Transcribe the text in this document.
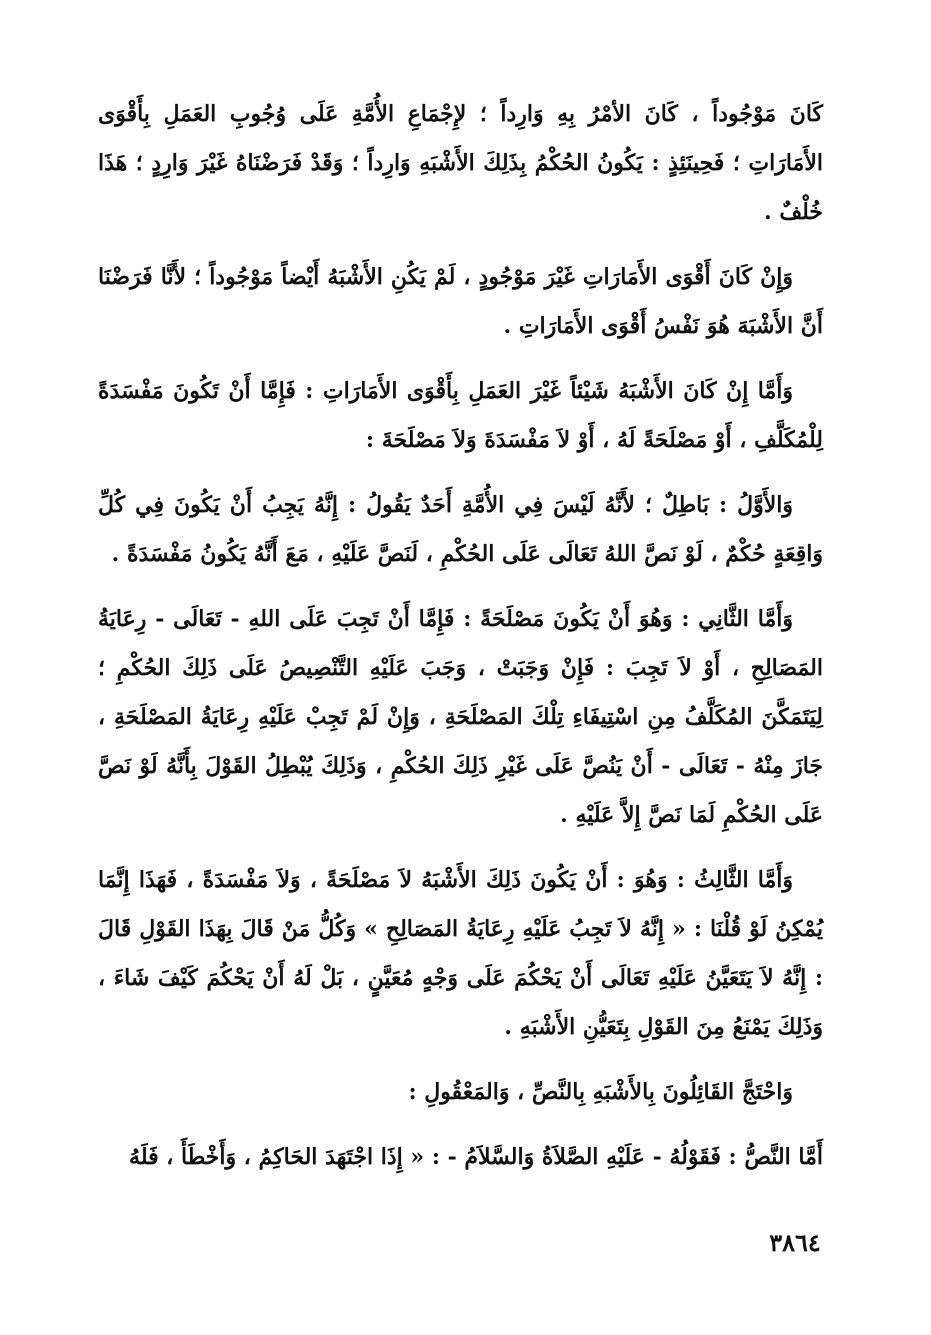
كَانَ مَوْجُوداً ، كَانَ الأمْرُ بِهِ وَارِداً ؛ لإِجْمَاعِ الأُمَّةِ عَلَى وُجُوبِ العَمَلِ بِأَقْوَى الأَمَارَاتِ ؛ فَحِينَئِذٍ : يَكُونُ الحُكْمُ بِذَلِكَ الأَشْبَهِ وَارِداً ؛ وَقَدْ فَرَضْنَاهُ غَيْرَ وَارِدٍ ؛ هَذَا خُلْفٌ .

وَإِنْ كَانَ أَقْوَى الأَمَارَاتِ غَيْرَ مَوْجُودٍ ، لَمْ يَكُنِ الأَشْبَهُ أَيْضاً مَوْجُوداً ؛ لأَنَّا فَرَضْنَا أَنَّ الأَشْبَهَ هُوَ نَفْسُ أَقْوَى الأَمَارَاتِ .

وَأَمَّا إِنْ كَانَ الأَشْبَهُ شَيْئاً غَيْرَ العَمَلِ بِأَقْوَى الأَمَارَاتِ : فَإِمَّا أَنْ تَكُونَ مَفْسَدَةً لِلْمُكَلَّفِ ، أَوْ مَصْلَحَةً لَهُ ، أَوْ لاَ مَفْسَدَةَ وَلاَ مَصْلَحَةَ :

وَالأَوَّلُ : بَاطِلٌ ؛ لأَنَّهُ لَيْسَ فِي الأُمَّةِ أَحَدٌ يَقُولُ : إِنَّهُ يَجِبُ أَنْ يَكُونَ فِي كُلِّ وَاقِعَةٍ حُكْمٌ ، لَوْ نَصَّ اللهُ تَعَالَى عَلَى الحُكْمِ ، لَنَصَّ عَلَيْهِ ، مَعَ أَنَّهُ يَكُونُ مَفْسَدَةً .

وَأَمَّا الثَّانِي : وَهُوَ أَنْ يَكُونَ مَصْلَحَةً : فَإِمَّا أَنْ تَجِبَ عَلَى اللهِ - تَعَالَى - رِعَايَةُ المَصَالِحِ ، أَوْ لاَ تَجِبَ : فَإِنْ وَجَبَتْ ، وَجَبَ عَلَيْهِ التَّنْصِيصُ عَلَى ذَلِكَ الحُكْمِ ؛ لِيَتَمَكَّنَ المُكَلَّفُ مِنِ اسْتِيفَاءِ تِلْكَ المَصْلَحَةِ ، وَإِنْ لَمْ تَجِبْ عَلَيْهِ رِعَايَةُ المَصْلَحَةِ ، جَازَ مِنْهُ - تَعَالَى - أَنْ يَنُصَّ عَلَى غَيْرِ ذَلِكَ الحُكْمِ ، وَذَلِكَ يُبْطِلُ القَوْلَ بِأَنَّهُ لَوْ نَصَّ عَلَى الحُكْمِ لَمَا نَصَّ إِلاَّ عَلَيْهِ .

وَأَمَّا الثَّالِثُ : وَهُوَ : أَنْ يَكُونَ ذَلِكَ الأَشْبَهُ لاَ مَصْلَحَةً ، وَلاَ مَفْسَدَةً ، فَهَذَا إِنَّمَا يُمْكِنُ لَوْ قُلْنَا : « إِنَّهُ لاَ تَجِبُ عَلَيْهِ رِعَايَةُ المَصَالِحِ » وَكُلُّ مَنْ قَالَ بِهَذَا القَوْلِ قَالَ : إِنَّهُ لاَ يَتَعَيَّنُ عَلَيْهِ تَعَالَى أَنْ يَحْكُمَ عَلَى وَجْهٍ مُعَيَّنٍ ، بَلْ لَهُ أَنْ يَحْكُمَ كَيْفَ شَاءَ ، وَذَلِكَ يَمْنَعُ مِنَ القَوْلِ بِتَعَيُّنِ الأَشْبَهِ .

وَاحْتَجَّ القَائِلُونَ بِالأَشْبَهِ بِالنَّصِّ ، وَالمَعْقُولِ :

أَمَّا النَّصُّ : فَقَوْلُهُ - عَلَيْهِ الصَّلاَةُ وَالسَّلاَمُ - : « إِذَا اجْتَهَدَ الحَاكِمُ ، وَأَخْطَأَ ، فَلَهُ

٣٨٦٤
